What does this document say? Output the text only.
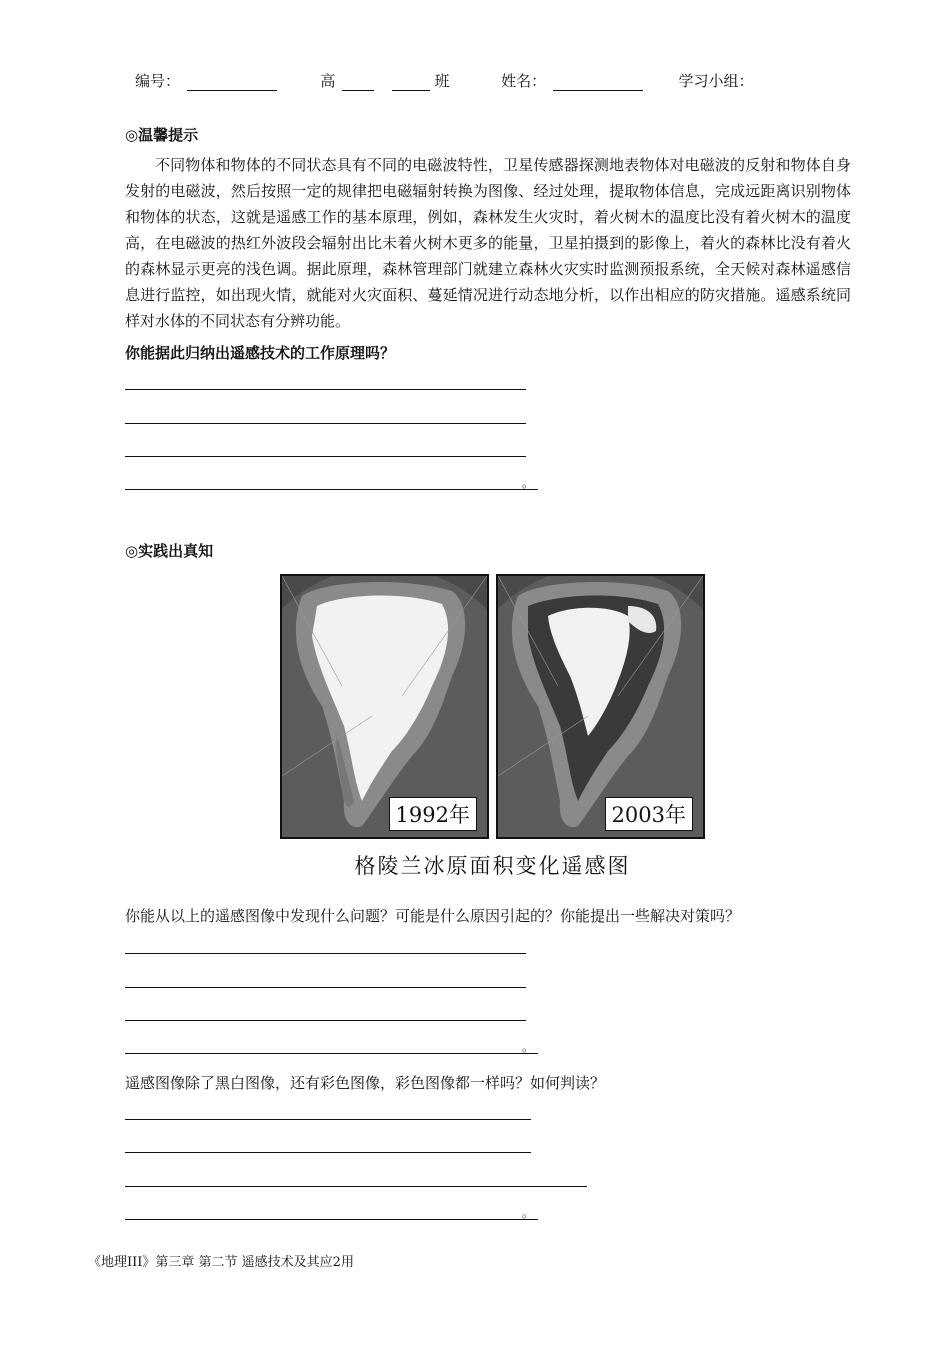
编号：	高	班	姓名：	学习小组：
◎温馨提示

不同物体和物体的不同状态具有不同的电磁波特性，卫星传感器探测地表物体对电磁波的反射和物体自身发射的电磁波，然后按照一定的规律把电磁辐射转换为图像、经过处理，提取物体信息，完成远距离识别物体和物体的状态，这就是遥感工作的基本原理，例如，森林发生火灾时，着火树木的温度比没有着火树木的温度高，在电磁波的热红外波段会辐射出比未着火树木更多的能量，卫星拍摄到的影像上，着火的森林比没有着火的森林显示更亮的浅色调。据此原理，森林管理部门就建立森林火灾实时监测预报系统，全天候对森林遥感信息进行监控，如出现火情，就能对火灾面积、蔓延情况进行动态地分析，以作出相应的防灾措施。遥感系统同样对水体的不同状态有分辨功能。

你能据此归纳出遥感技术的工作原理吗？
。
◎实践出真知
1992年	2003年
格陵兰冰原面积变化遥感图
你能从以上的遥感图像中发现什么问题？可能是什么原因引起的？你能提出一些解决对策吗？
。
遥感图像除了黑白图像，还有彩色图像，彩色图像都一样吗？如何判读？
。
《地理III》第三章 第二节 遥感技术及其应2用
